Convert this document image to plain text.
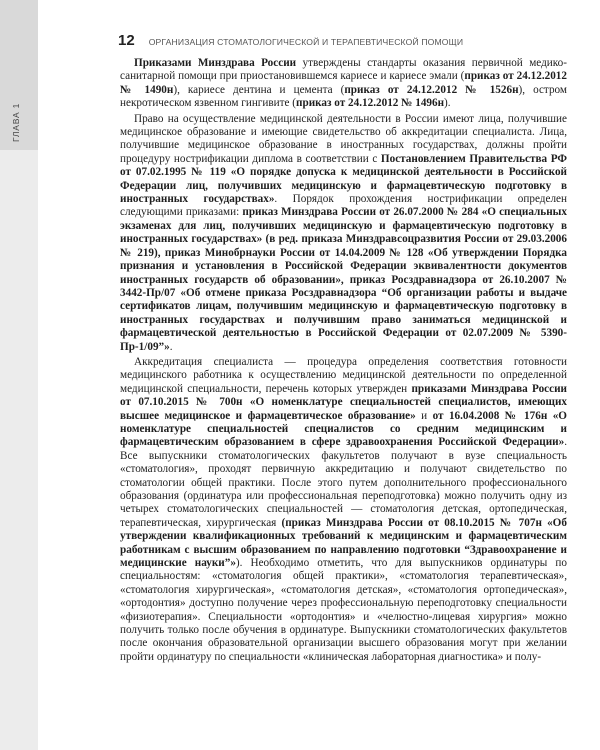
ГЛАВА 1
12 ОРГАНИЗАЦИЯ СТОМАТОЛОГИЧЕСКОЙ И ТЕРАПЕВТИЧЕСКОЙ ПОМОЩИ

Приказами Минздрава России утверждены стандарты оказания первичной медико-санитарной помощи при приостановившемся кариесе и кариесе эмали (приказ от 24.12.2012 № 1490н), кариесе дентина и цемента (приказ от 24.12.2012 № 1526н), остром некротическом язвенном гингивите (приказ от 24.12.2012 № 1496н).

Право на осуществление медицинской деятельности в России имеют лица, получившие медицинское образование и имеющие свидетельство об аккредитации специалиста. Лица, получившие медицинское образование в иностранных государствах, должны пройти процедуру нострификации диплома в соответствии с Постановлением Правительства РФ от 07.02.1995 № 119 «О порядке допуска к медицинской деятельности в Российской Федерации лиц, получивших медицинскую и фармацевтическую подготовку в иностранных государствах». Порядок прохождения нострификации определен следующими приказами: приказ Минздрава России от 26.07.2000 № 284 «О специальных экзаменах для лиц, получивших медицинскую и фармацевтическую подготовку в иностранных государствах» (в ред. приказа Минздравсоцразвития России от 29.03.2006 № 219), приказ Минобрнауки России от 14.04.2009 № 128 «Об утверждении Порядка признания и установления в Российской Федерации эквивалентности документов иностранных государств об образовании», приказ Росздравнадзора от 26.10.2007 № 3442-Пр/07 «Об отмене приказа Росздравнадзора “Об организации работы и выдаче сертификатов лицам, получившим медицинскую и фармацевтическую подготовку в иностранных государствах и получившим право заниматься медицинской и фармацевтической деятельностью в Российской Федерации от 02.07.2009 № 5390-Пр-1/09”».

Аккредитация специалиста — процедура определения соответствия готовности медицинского работника к осуществлению медицинской деятельности по определенной медицинской специальности, перечень которых утвержден приказами Минздрава России от 07.10.2015 № 700н «О номенклатуре специальностей специалистов, имеющих высшее медицинское и фармацевтическое образование» и от 16.04.2008 № 176н «О номенклатуре специальностей специалистов со средним медицинским и фармацевтическим образованием в сфере здравоохранения Российской Федерации». Все выпускники стоматологических факультетов получают в вузе специальность «стоматология», проходят первичную аккредитацию и получают свидетельство по стоматологии общей практики. После этого путем дополнительного профессионального образования (ординатура или профессиональная переподготовка) можно получить одну из четырех стоматологических специальностей — стоматология детская, ортопедическая, терапевтическая, хирургическая (приказ Минздрава России от 08.10.2015 № 707н «Об утверждении квалификационных требований к медицинским и фармацевтическим работникам с высшим образованием по направлению подготовки “Здравоохранение и медицинские науки”»). Необходимо отметить, что для выпускников ординатуры по специальностям: «стоматология общей практики», «стоматология терапевтическая», «стоматология хирургическая», «стоматология детская», «стоматология ортопедическая», «ортодонтия» доступно получение через профессиональную переподготовку специальности «физиотерапия». Специальности «ортодонтия» и «челюстно-лицевая хирургия» можно получить только после обучения в ординатуре. Выпускники стоматологических факультетов после окончания образовательной организации высшего образования могут при желании пройти ординатуру по специальности «клиническая лабораторная диагностика» и полу-
